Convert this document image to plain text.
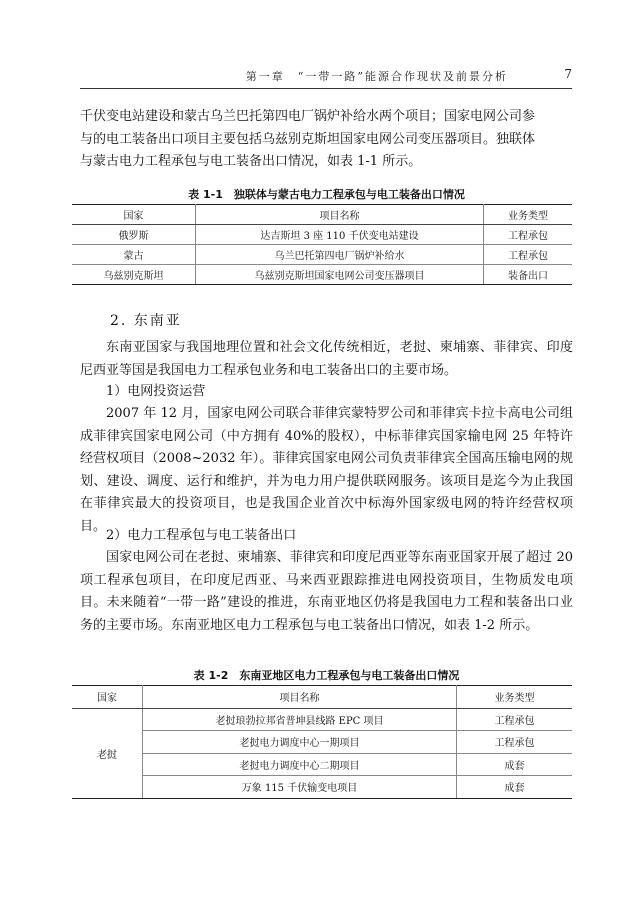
第一章　“一带一路”能源合作现状及前景分析	7
千伏变电站建设和蒙古乌兰巴托第四电厂锅炉补给水两个项目；国家电网公司参
与的电工装备出口项目主要包括乌兹别克斯坦国家电网公司变压器项目。独联体
与蒙古电力工程承包与电工装备出口情况，如表 1-1 所示。
表 1-1　独联体与蒙古电力工程承包与电工装备出口情况
国家	项目名称	业务类型
俄罗斯	达吉斯坦 3 座 110 千伏变电站建设	工程承包
蒙古	乌兰巴托第四电厂锅炉补给水	工程承包
乌兹别克斯坦	乌兹别克斯坦国家电网公司变压器项目	装备出口
2. 东南亚
东南亚国家与我国地理位置和社会文化传统相近，老挝、柬埔寨、菲律宾、印度尼西亚等国是我国电力工程承包业务和电工装备出口的主要市场。
1）电网投资运营
2007 年 12 月，国家电网公司联合菲律宾蒙特罗公司和菲律宾卡拉卡高电公司组成菲律宾国家电网公司（中方拥有 40%的股权），中标菲律宾国家输电网 25 年特许经营权项目（2008~2032 年）。菲律宾国家电网公司负责菲律宾全国高压输电网的规划、建设、调度、运行和维护，并为电力用户提供联网服务。该项目是迄今为止我国在菲律宾最大的投资项目，也是我国企业首次中标海外国家级电网的特许经营权项目。
2）电力工程承包与电工装备出口
国家电网公司在老挝、柬埔寨、菲律宾和印度尼西亚等东南亚国家开展了超过 20 项工程承包项目，在印度尼西亚、马来西亚跟踪推进电网投资项目，生物质发电项目。未来随着“一带一路”建设的推进，东南亚地区仍将是我国电力工程和装备出口业务的主要市场。东南亚地区电力工程承包与电工装备出口情况，如表 1-2 所示。
表 1-2　东南亚地区电力工程承包与电工装备出口情况
国家	项目名称	业务类型
老挝	老挝琅勃拉邦省普坤县线路 EPC 项目	工程承包
	老挝电力调度中心一期项目	工程承包
	老挝电力调度中心二期项目	成套
	万象 115 千伏输变电项目	成套
